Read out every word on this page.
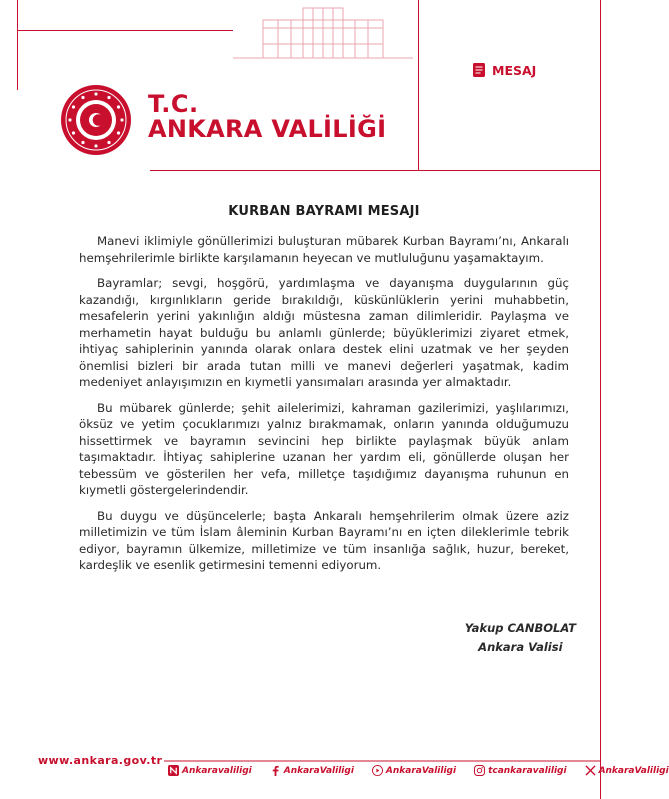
T.C.
ANKARA VALİLİĞİ
MESAJ
KURBAN BAYRAMI MESAJI

Manevi iklimiyle gönüllerimizi buluşturan mübarek Kurban Bayramı’nı, Ankaralı hemşehrilerimle birlikte karşılamanın heyecan ve mutluluğunu yaşamaktayım.

Bayramlar; sevgi, hoşgörü, yardımlaşma ve dayanışma duygularının güç kazandığı, kırgınlıkların geride bırakıldığı, küskünlüklerin yerini muhabbetin, mesafelerin yerini yakınlığın aldığı müstesna zaman dilimleridir. Paylaşma ve merhametin hayat bulduğu bu anlamlı günlerde; büyüklerimizi ziyaret etmek, ihtiyaç sahiplerinin yanında olarak onlara destek elini uzatmak ve her şeyden önemlisi bizleri bir arada tutan milli ve manevi değerleri yaşatmak, kadim medeniyet anlayışımızın en kıymetli yansımaları arasında yer almaktadır.

Bu mübarek günlerde; şehit ailelerimizi, kahraman gazilerimizi, yaşlılarımızı, öksüz ve yetim çocuklarımızı yalnız bırakmamak, onların yanında olduğumuzu hissettirmek ve bayramın sevincini hep birlikte paylaşmak büyük anlam taşımaktadır. İhtiyaç sahiplerine uzanan her yardım eli, gönüllerde oluşan her tebessüm ve gösterilen her vefa, milletçe taşıdığımız dayanışma ruhunun en kıymetli göstergelerindendir.

Bu duygu ve düşüncelerle; başta Ankaralı hemşehrilerim olmak üzere aziz milletimizin ve tüm İslam âleminin Kurban Bayramı’nı en içten dileklerimle tebrik ediyor, bayramın ülkemize, milletimize ve tüm insanlığa sağlık, huzur, bereket, kardeşlik ve esenlik getirmesini temenni ediyorum.

Yakup CANBOLAT
Ankara Valisi
www.ankara.gov.tr
Ankaravaliligi	AnkaraValiligi	AnkaraValiligi	tcankaravaliligi	AnkaraValiligi
